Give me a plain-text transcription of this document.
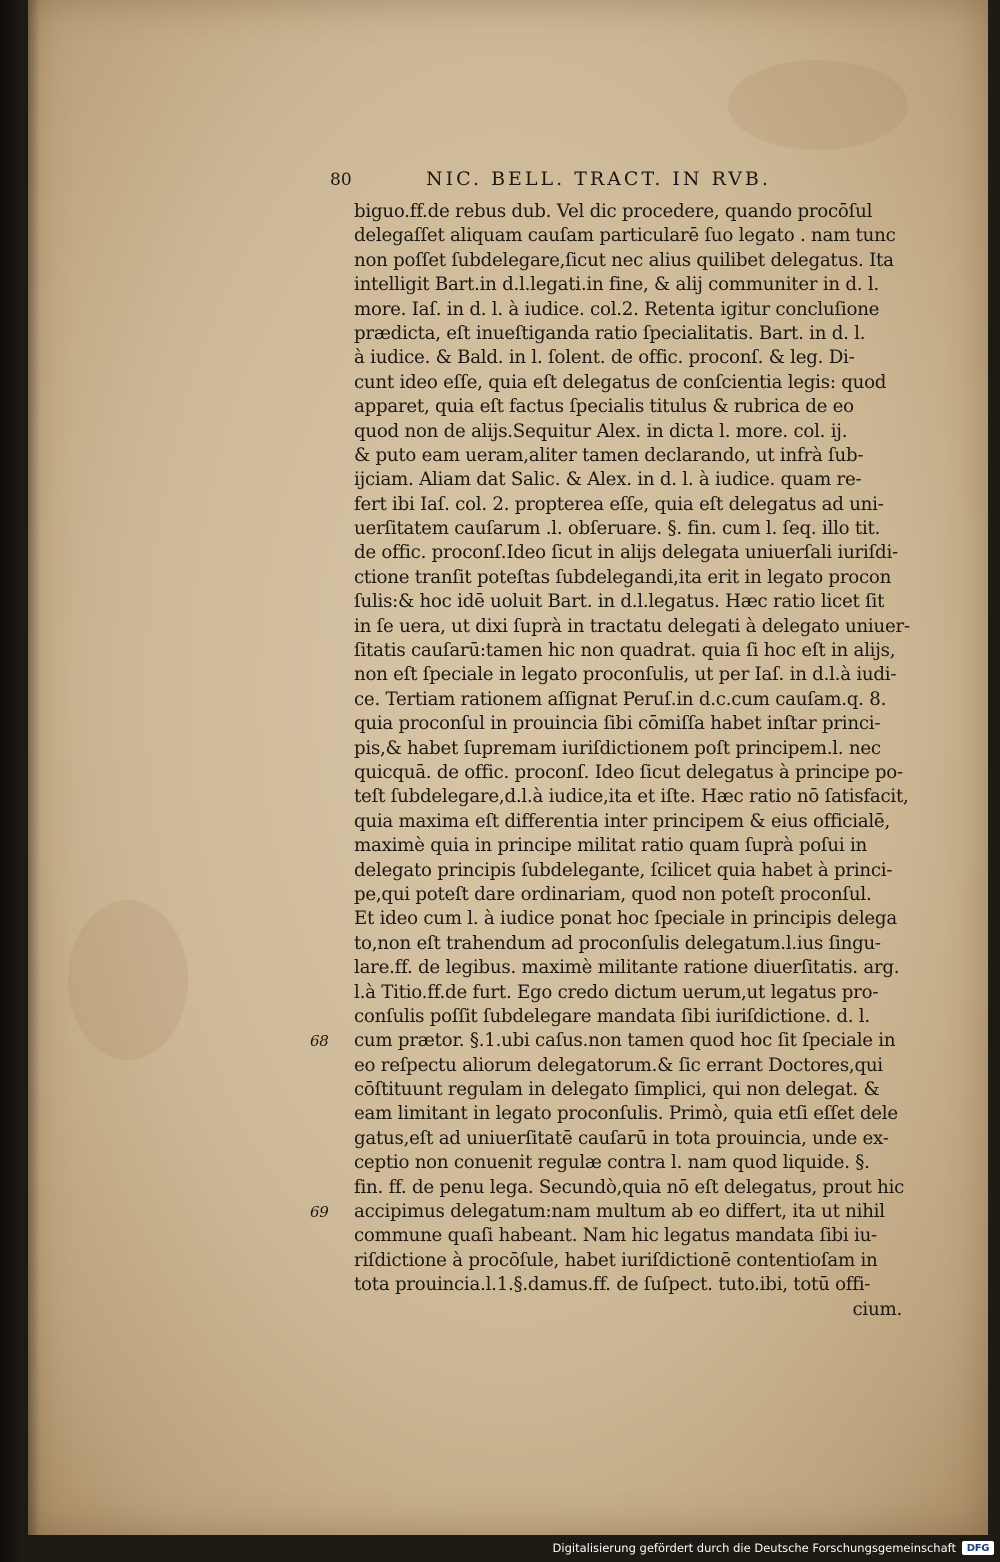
80	NIC. BELL. TRACT. IN RVB.
biguo.ff.de rebus dub. Vel dic procedere, quando procōſul
delegaſſet aliquam cauſam particularē ſuo legato . nam tunc
non poſſet ſubdelegare,ſicut nec alius quilibet delegatus. Ita
intelligit Bart.in d.l.legati.in fine, & alij communiter in d. l.
more. Iaſ. in d. l. à iudice. col.2. Retenta igitur concluſione
prædicta, eſt inueſtiganda ratio ſpecialitatis. Bart. in d. l.
à iudice. & Bald. in l. ſolent. de offic. proconſ. & leg. Di-
cunt ideo eſſe, quia eſt delegatus de conſcientia legis: quod
apparet, quia eſt factus ſpecialis titulus & rubrica de eo
quod non de alijs.Sequitur Alex. in dicta l. more. col. ij.
& puto eam ueram,aliter tamen declarando, ut infrà ſub-
ijciam. Aliam dat Salic. & Alex. in d. l. à iudice. quam re-
fert ibi Iaſ. col. 2. propterea eſſe, quia eſt delegatus ad uni-
uerſitatem cauſarum .l. obſeruare. §. fin. cum l. ſeq. illo tit.
de offic. proconſ.Ideo ſicut in alijs delegata uniuerſali iuriſdi-
ctione tranſit poteſtas ſubdelegandi,ita erit in legato procon
ſulis:& hoc idē uoluit Bart. in d.l.legatus. Hæc ratio licet ſit
in ſe uera, ut dixi ſuprà in tractatu delegati à delegato uniuer-
ſitatis cauſarū:tamen hic non quadrat. quia ſi hoc eſt in alijs,
non eſt ſpeciale in legato proconſulis, ut per Iaſ. in d.l.à iudi-
ce. Tertiam rationem aſſignat Peruſ.in d.c.cum cauſam.q. 8.
quia proconſul in prouincia ſibi cōmiſſa habet inſtar princi-
pis,& habet ſupremam iuriſdictionem poſt principem.l. nec
quicquā. de offic. proconſ. Ideo ſicut delegatus à principe po-
teſt ſubdelegare,d.l.à iudice,ita et iſte. Hæc ratio nō ſatisfacit,
quia maxima eſt differentia inter principem & eius officialē,
maximè quia in principe militat ratio quam ſuprà poſui in
delegato principis ſubdelegante, ſcilicet quia habet à princi-
pe,qui poteſt dare ordinariam, quod non poteſt proconſul.
Et ideo cum l. à iudice ponat hoc ſpeciale in principis delega
to,non eſt trahendum ad proconſulis delegatum.l.ius ſingu-
lare.ff. de legibus. maximè militante ratione diuerſitatis. arg.
l.à Titio.ff.de furt. Ego credo dictum uerum,ut legatus pro-
conſulis poſſit ſubdelegare mandata ſibi iuriſdictione. d. l.
68 cum prætor. §.1.ubi caſus.non tamen quod hoc ſit ſpeciale in
eo reſpectu aliorum delegatorum.& ſic errant Doctores,qui
cōſtituunt regulam in delegato ſimplici, qui non delegat. &
eam limitant in legato proconſulis. Primò, quia etſi eſſet dele
gatus,eſt ad uniuerſitatē cauſarū in tota prouincia, unde ex-
ceptio non conuenit regulæ contra l. nam quod liquide. §.
fin. ff. de penu lega. Secundò,quia nō eſt delegatus, prout hic
69 accipimus delegatum:nam multum ab eo differt, ita ut nihil
commune quaſi habeant. Nam hic legatus mandata ſibi iu-
riſdictione à procōſule, habet iuriſdictionē contentioſam in
tota prouincia.l.1.§.damus.ff. de ſuſpect. tuto.ibi, totū offi-
cium.
Digitalisierung gefördert durch die Deutsche Forschungsgemeinschaft DFG
